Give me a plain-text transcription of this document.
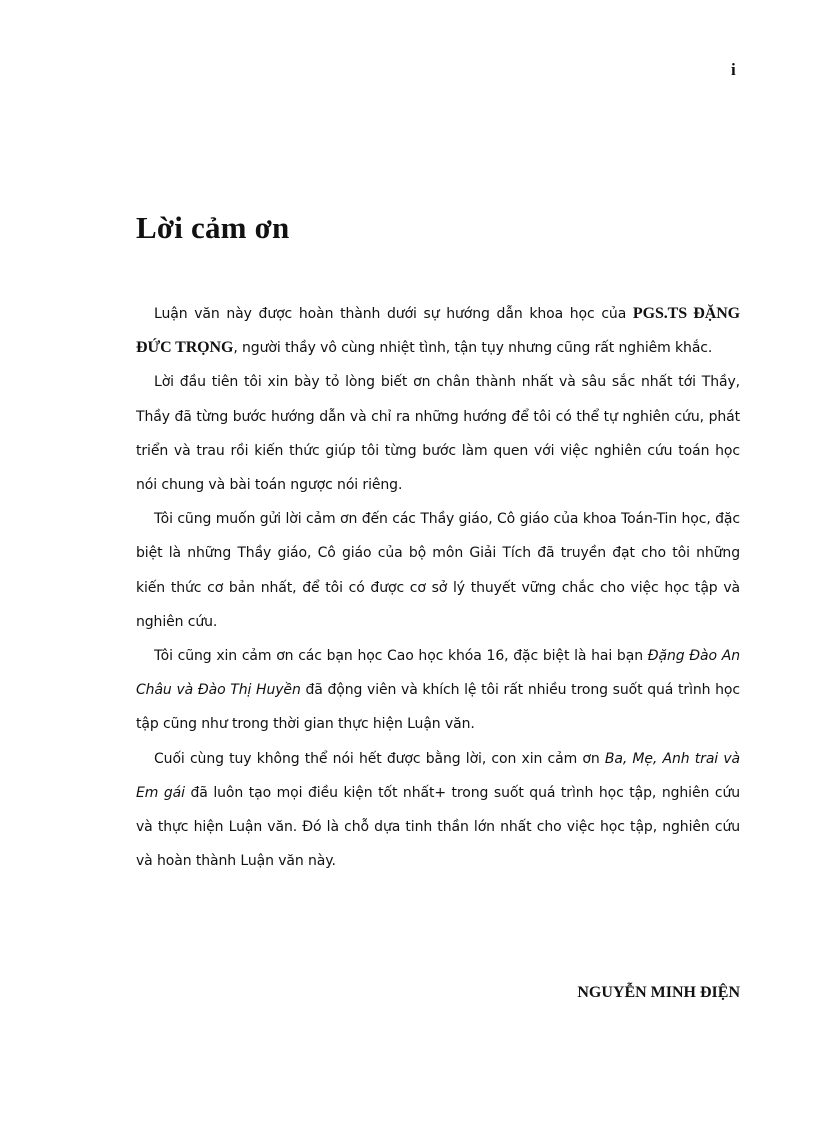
i
Lời cảm ơn

Luận văn này được hoàn thành dưới sự hướng dẫn khoa học của PGS.TS ĐẶNG ĐỨC TRỌNG, người thầy vô cùng nhiệt tình, tận tụy nhưng cũng rất nghiêm khắc.

Lời đầu tiên tôi xin bày tỏ lòng biết ơn chân thành nhất và sâu sắc nhất tới Thầy, Thầy đã từng bước hướng dẫn và chỉ ra những hướng để tôi có thể tự nghiên cứu, phát triển và trau rồi kiến thức giúp tôi từng bước làm quen với việc nghiên cứu toán học nói chung và bài toán ngược nói riêng.

Tôi cũng muốn gửi lời cảm ơn đến các Thầy giáo, Cô giáo của khoa Toán-Tin học, đặc biệt là những Thầy giáo, Cô giáo của bộ môn Giải Tích đã truyền đạt cho tôi những kiến thức cơ bản nhất, để tôi có được cơ sở lý thuyết vững chắc cho việc học tập và nghiên cứu.

Tôi cũng xin cảm ơn các bạn học Cao học khóa 16, đặc biệt là hai bạn Đặng Đào An Châu và Đào Thị Huyền đã động viên và khích lệ tôi rất nhiều trong suốt quá trình học tập cũng như trong thời gian thực hiện Luận văn.

Cuối cùng tuy không thể nói hết được bằng lời, con xin cảm ơn Ba, Mẹ, Anh trai và Em gái đã luôn tạo mọi điều kiện tốt nhất+ trong suốt quá trình học tập, nghiên cứu và thực hiện Luận văn. Đó là chỗ dựa tinh thần lớn nhất cho việc học tập, nghiên cứu và hoàn thành Luận văn này.

NGUYỄN MINH ĐIỆN
